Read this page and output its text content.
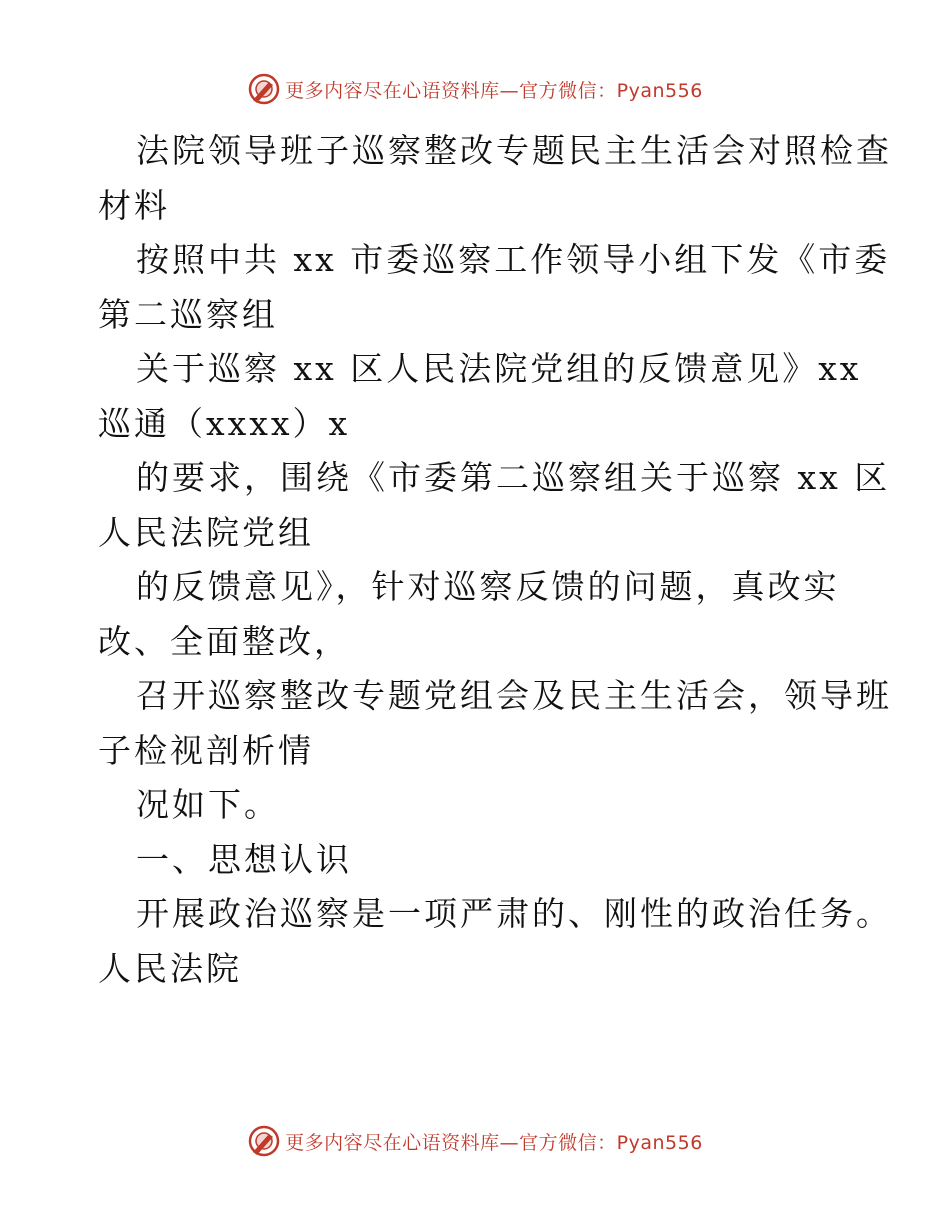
更多内容尽在心语资料库—官方微信：Pyan556
法院领导班子巡察整改专题民主生活会对照检查
材料
按照中共 xx 市委巡察工作领导小组下发《市委
第二巡察组
关于巡察 xx 区人民法院党组的反馈意见》xx
巡通（xxxx）x
的要求，围绕《市委第二巡察组关于巡察 xx 区
人民法院党组
的反馈意见》，针对巡察反馈的问题，真改实
改、全面整改，
召开巡察整改专题党组会及民主生活会，领导班
子检视剖析情
况如下。
一、思想认识
开展政治巡察是一项严肃的、刚性的政治任务。
人民法院
更多内容尽在心语资料库—官方微信：Pyan556
